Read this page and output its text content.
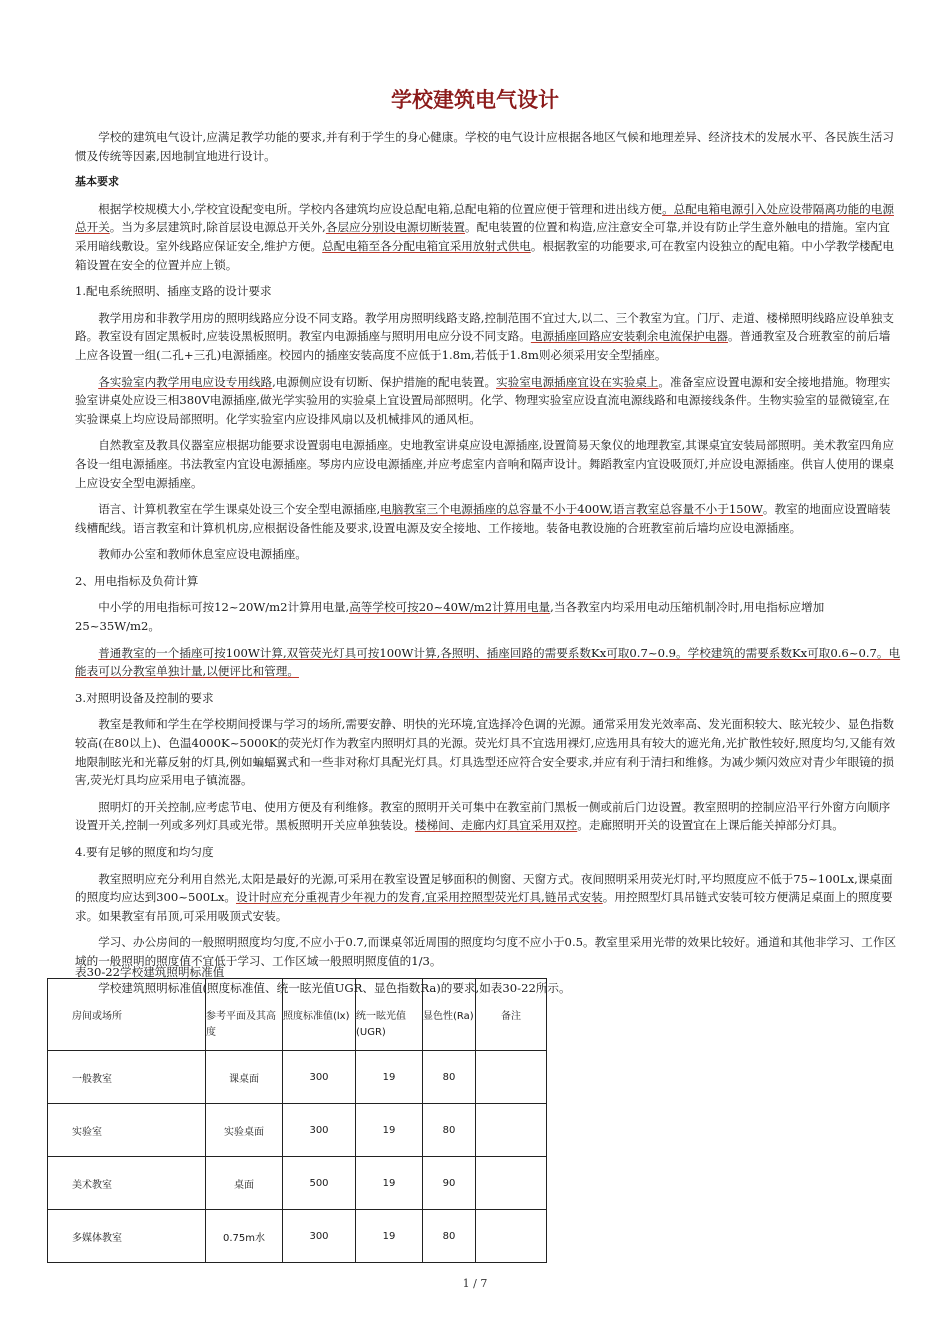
学校建筑电气设计

学校的建筑电气设计,应满足教学功能的要求,并有利于学生的身心健康。学校的电气设计应根据各地区气候和地理差异、经济技术的发展水平、各民族生活习惯及传统等因素,因地制宜地进行设计。

基本要求

根据学校规模大小,学校宜设配变电所。学校内各建筑均应设总配电箱,总配电箱的位置应便于管理和进出线方便。总配电箱电源引入处应设带隔离功能的电源总开关。当为多层建筑时,除首层设电源总开关外,各层应分别设电源切断装置。配电装置的位置和构造,应注意安全可靠,并设有防止学生意外触电的措施。室内宜采用暗线敷设。室外线路应保证安全,维护方便。总配电箱至各分配电箱宜采用放射式供电。根据教室的功能要求,可在教室内设独立的配电箱。中小学教学楼配电箱设置在安全的位置并应上锁。

1.配电系统照明、插座支路的设计要求

教学用房和非教学用房的照明线路应分设不同支路。教学用房照明线路支路,控制范围不宜过大,以二、三个教室为宜。门厅、走道、楼梯照明线路应设单独支路。教室设有固定黑板时,应装设黑板照明。教室内电源插座与照明用电应分设不同支路。电源插座回路应安装剩余电流保护电器。普通教室及合班教室的前后墙上应各设置一组(二孔+三孔)电源插座。校园内的插座安装高度不应低于1.8m,若低于1.8m则必须采用安全型插座。

各实验室内教学用电应设专用线路,电源侧应设有切断、保护措施的配电装置。实验室电源插座宜设在实验桌上。准备室应设置电源和安全接地措施。物理实验室讲桌处应设三相380V电源插座,做光学实验用的实验桌上宜设置局部照明。化学、物理实验室应设直流电源线路和电源接线条件。生物实验室的显微镜室,在实验课桌上均应设局部照明。化学实验室内应设排风扇以及机械排风的通风柜。

自然教室及教具仪器室应根据功能要求设置弱电电源插座。史地教室讲桌应设电源插座,设置简易天象仪的地理教室,其课桌宜安装局部照明。美术教室四角应各设一组电源插座。书法教室内宜设电源插座。琴房内应设电源插座,并应考虑室内音响和隔声设计。舞蹈教室内宜设吸顶灯,并应设电源插座。供盲人使用的课桌上应设安全型电源插座。

语言、计算机教室在学生课桌处设三个安全型电源插座,电脑教室三个电源插座的总容量不小于400W,语言教室总容量不小于150W。教室的地面应设置暗装线槽配线。语言教室和计算机机房,应根据设备性能及要求,设置电源及安全接地、工作接地。装备电教设施的合班教室前后墙均应设电源插座。

教师办公室和教师休息室应设电源插座。

2、用电指标及负荷计算

中小学的用电指标可按12~20W/m2计算用电量,高等学校可按20~40W/m2计算用电量,当各教室内均采用电动压缩机制冷时,用电指标应增加25~35W/m2。

普通教室的一个插座可按100W计算,双管荧光灯具可按100W计算,各照明、插座回路的需要系数Kx可取0.7~0.9。学校建筑的需要系数Kx可取0.6~0.7。电能表可以分教室单独计量,以便评比和管理。

3.对照明设备及控制的要求

教室是教师和学生在学校期间授课与学习的场所,需要安静、明快的光环境,宜选择冷色调的光源。通常采用发光效率高、发光面积较大、眩光较少、显色指数较高(在80以上)、色温4000K~5000K的荧光灯作为教室内照明灯具的光源。荧光灯具不宜选用裸灯,应选用具有较大的遮光角,光扩散性较好,照度均匀,又能有效地限制眩光和光幕反射的灯具,例如蝙蝠翼式和一些非对称灯具配光灯具。灯具选型还应符合安全要求,并应有利于清扫和维修。为减少频闪效应对青少年眼镜的损害,荧光灯具均应采用电子镇流器。

照明灯的开关控制,应考虑节电、使用方便及有利维修。教室的照明开关可集中在教室前门黑板一侧或前后门边设置。教室照明的控制应沿平行外窗方向顺序设置开关,控制一列或多列灯具或光带。黑板照明开关应单独装设。楼梯间、走廊内灯具宜采用双控。走廊照明开关的设置宜在上课后能关掉部分灯具。

4.要有足够的照度和均匀度

教室照明应充分利用自然光,太阳是最好的光源,可采用在教室设置足够面积的侧窗、天窗方式。夜间照明采用荧光灯时,平均照度应不低于75~100Lx,课桌面的照度均应达到300~500Lx。设计时应充分重视青少年视力的发育,宜采用控照型荧光灯具,链吊式安装。用控照型灯具吊链式安装可较方便满足桌面上的照度要求。如果教室有吊顶,可采用吸顶式安装。

学习、办公房间的一般照明照度均匀度,不应小于0.7,而课桌邻近周围的照度均匀度不应小于0.5。教室里采用光带的效果比较好。通道和其他非学习、工作区域的一般照明的照度值不宜低于学习、工作区域一般照明照度值的1/3。

学校建筑照明标准值(照度标准值、统一眩光值UGR、显色指数Ra)的要求,如表30-22所示。

表30-22学校建筑照明标准值
房间或场所	参考平面及其高度	照度标准值(lx)	统一眩光值(UGR)	显色性(Ra)	备注

一般教室	课桌面	300	19	80	
实验室	实验桌面	300	19	80	
美术教室	桌面	500	19	90	
多媒体教室	0.75m水	300	19	80	
1 / 7
